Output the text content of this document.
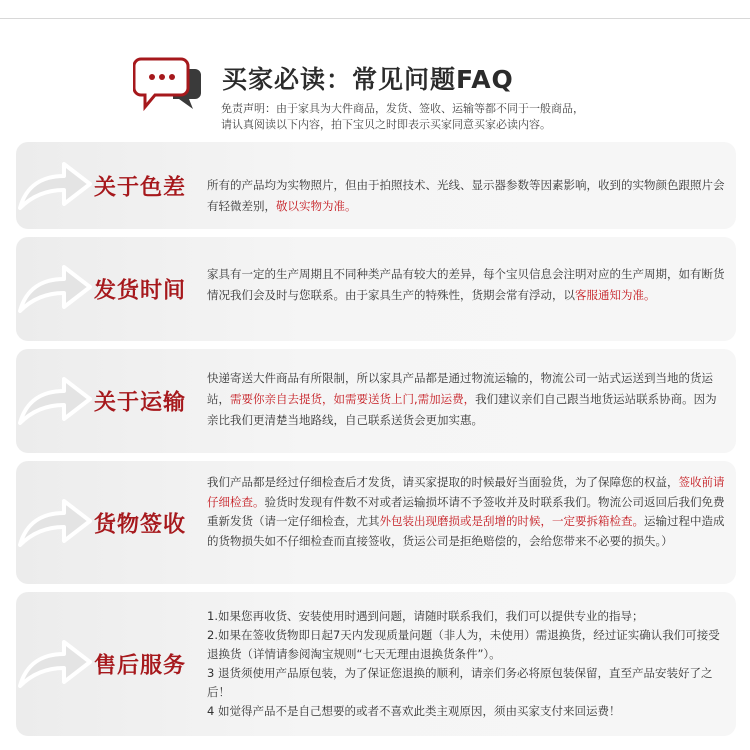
买家必读：常见问题FAQ
免责声明：由于家具为大件商品，发货、签收、运输等都不同于一般商品，
请认真阅读以下内容，拍下宝贝之时即表示买家同意买家必读内容。
关于色差 所有的产品均为实物照片，但由于拍照技术、光线、显示器参数等因素影响，收到的实物颜色跟照片会有轻微差别，敬以实物为准。
发货时间
家具有一定的生产周期且不同种类产品有较大的差异，每个宝贝信息会注明对应的生产周期，如有断货情况我们会及时与您联系。由于家具生产的特殊性，货期会常有浮动，以客服通知为准。
关于运输
快递寄送大件商品有所限制，所以家具产品都是通过物流运输的，物流公司一站式运送到当地的货运站，需要你亲自去提货，如需要送货上门,需加运费，我们建议亲们自己跟当地货运站联系协商。因为亲比我们更清楚当地路线，自己联系送货会更加实惠。
货物签收
我们产品都是经过仔细检查后才发货，请买家提取的时候最好当面验货，为了保障您的权益，签收前请仔细检查。验货时发现有件数不对或者运输损坏请不予签收并及时联系我们。物流公司返回后我们免费重新发货（请一定仔细检查，尤其外包装出现磨损或是刮增的时候，一定要拆箱检查。运输过程中造成的货物损失如不仔细检查而直接签收，货运公司是拒绝赔偿的，会给您带来不必要的损失。）
售后服务
1.如果您再收货、安装使用时遇到问题，请随时联系我们，我们可以提供专业的指导；
2.如果在签收货物即日起7天内发现质量问题（非人为，未使用）需退换货，经过证实确认我们可接受退换货（详情请参阅淘宝规则“七天无理由退换货条件”）。
3 退货须使用产品原包装，为了保证您退换的顺利，请亲们务必将原包装保留，直至产品安装好了之后！
4 如觉得产品不是自己想要的或者不喜欢此类主观原因，须由买家支付来回运费！
